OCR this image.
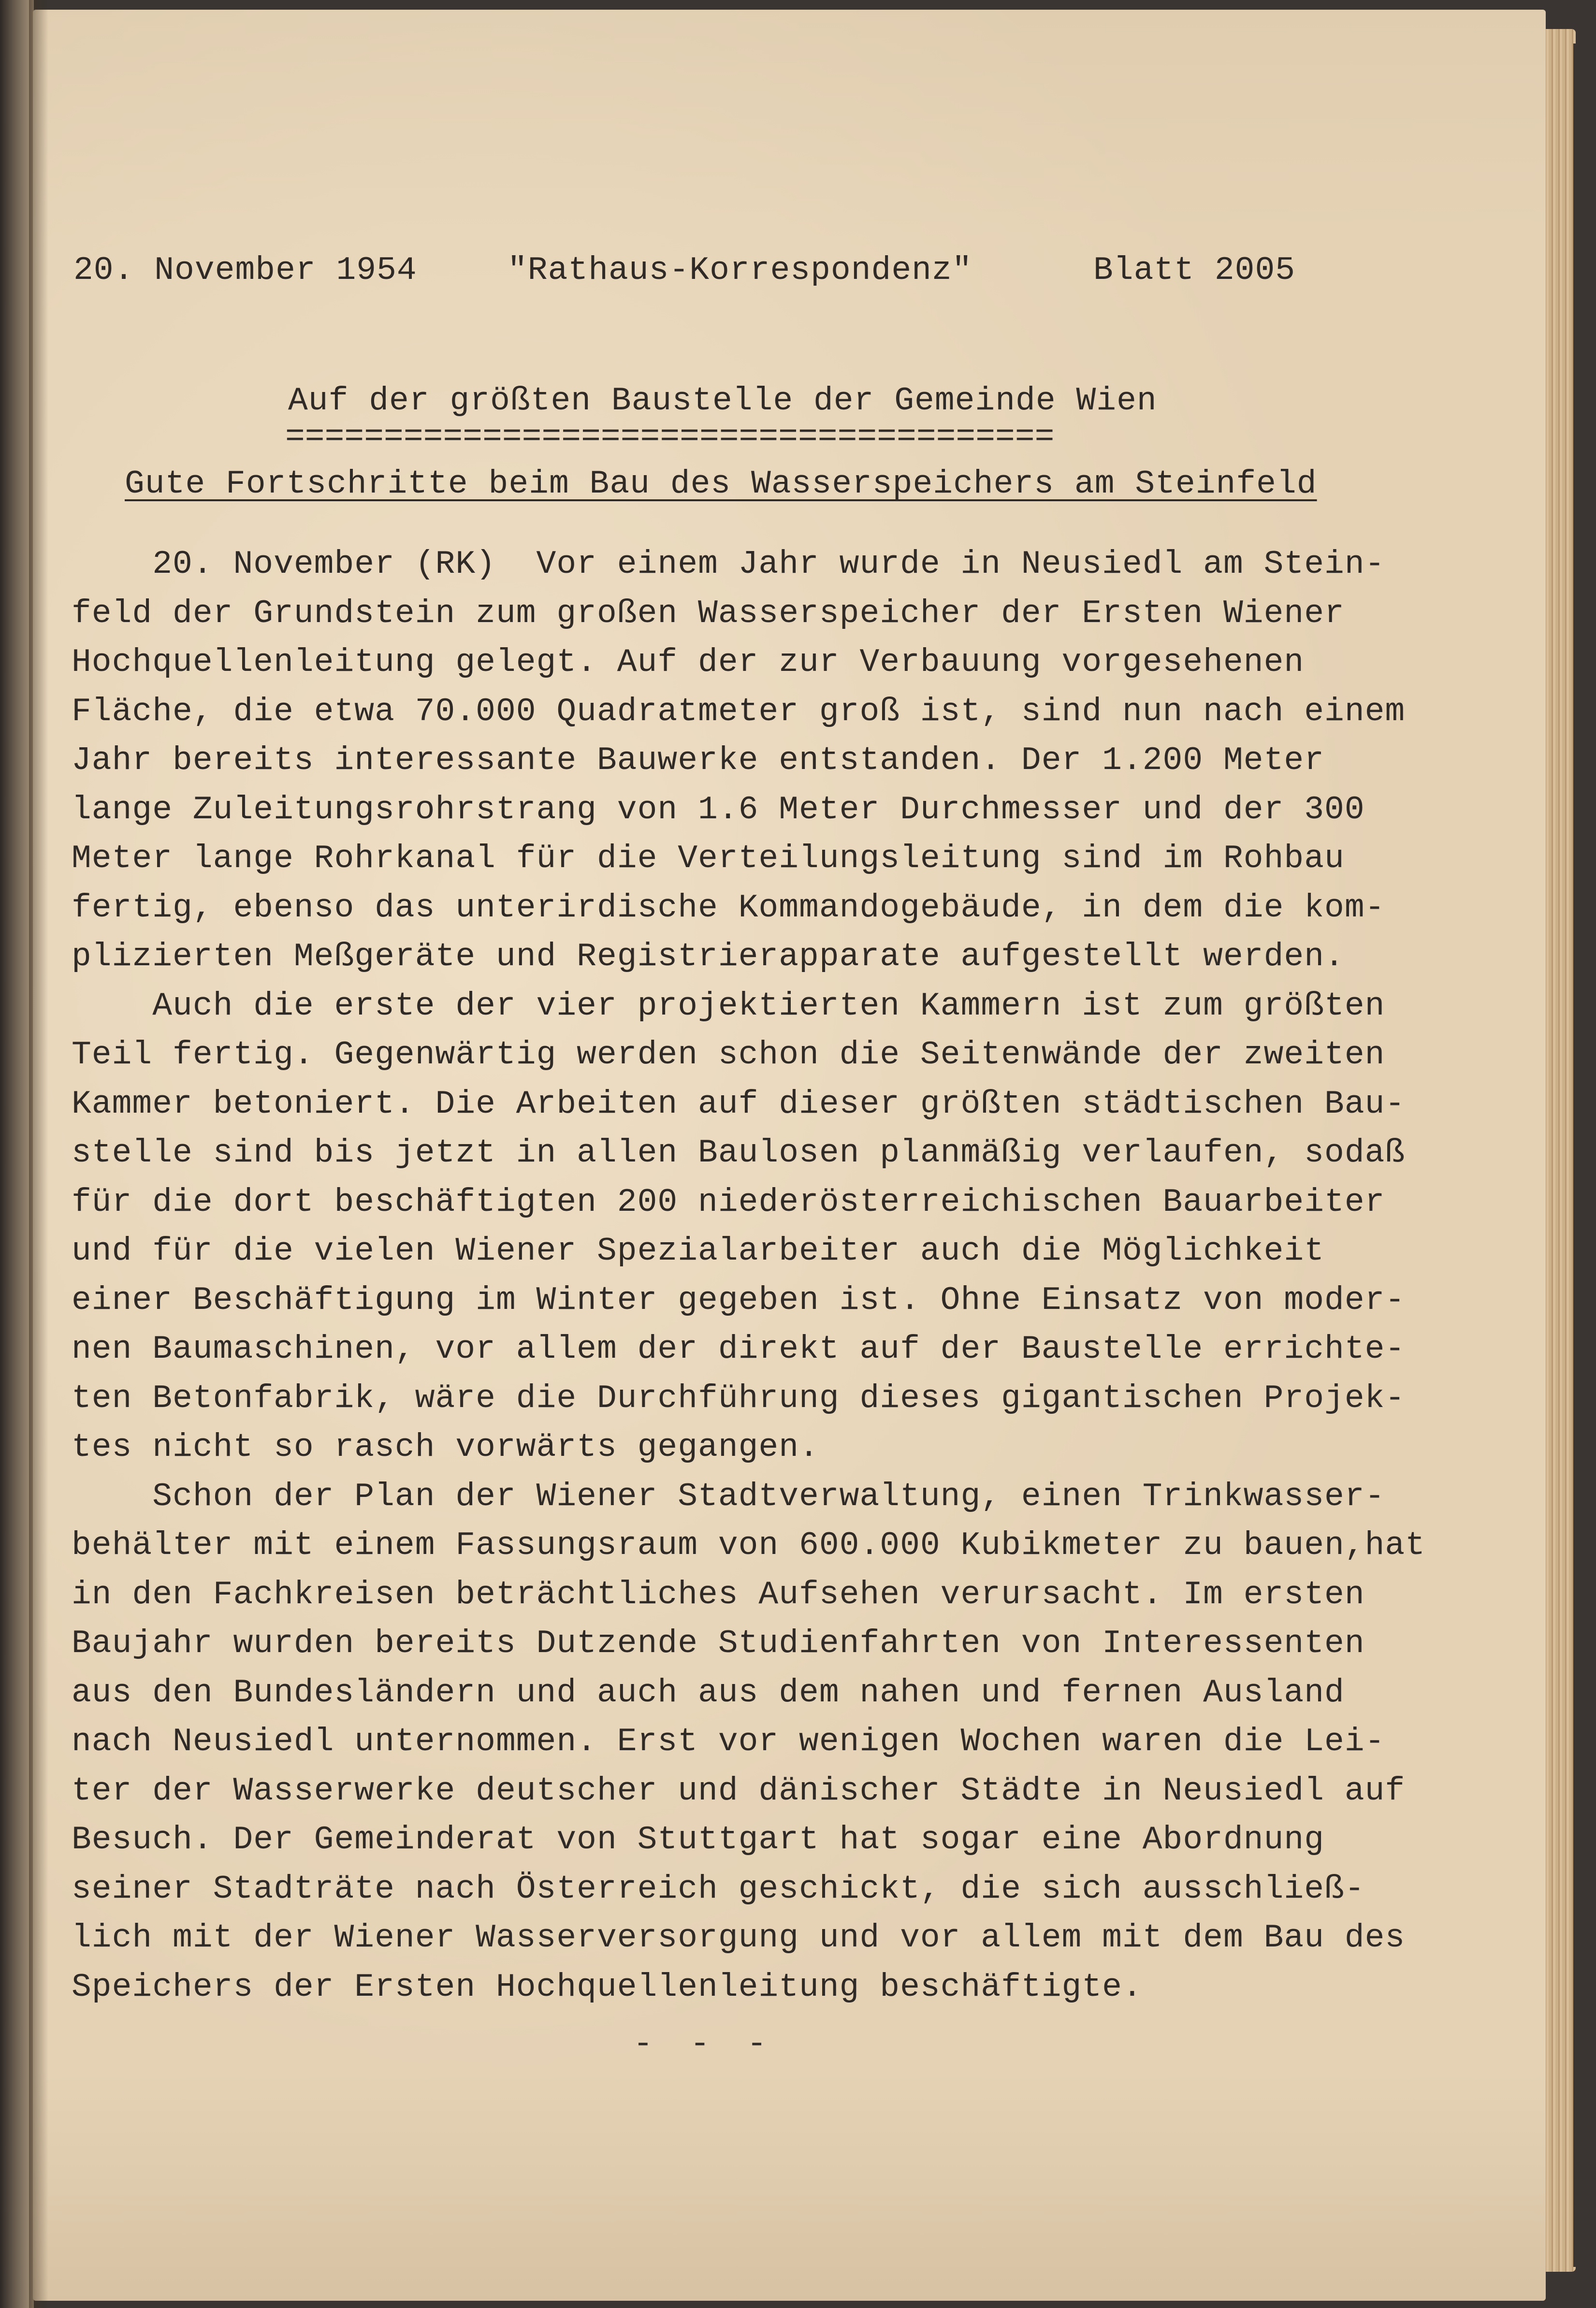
20. November 1954	"Rathaus-Korrespondenz"	Blatt 2005
Auf der größten Baustelle der Gemeinde Wien
=======================================
Gute Fortschritte beim Bau des Wasserspeichers am Steinfeld
20. November (RK)  Vor einem Jahr wurde in Neusiedl am Stein-
feld der Grundstein zum großen Wasserspeicher der Ersten Wiener
Hochquellenleitung gelegt. Auf der zur Verbauung vorgesehenen
Fläche, die etwa 70.000 Quadratmeter groß ist, sind nun nach einem
Jahr bereits interessante Bauwerke entstanden. Der 1.200 Meter
lange Zuleitungsrohrstrang von 1.6 Meter Durchmesser und der 300
Meter lange Rohrkanal für die Verteilungsleitung sind im Rohbau
fertig, ebenso das unterirdische Kommandogebäude, in dem die kom-
plizierten Meßgeräte und Registrierapparate aufgestellt werden.
Auch die erste der vier projektierten Kammern ist zum größten
Teil fertig. Gegenwärtig werden schon die Seitenwände der zweiten
Kammer betoniert. Die Arbeiten auf dieser größten städtischen Bau-
stelle sind bis jetzt in allen Baulosen planmäßig verlaufen, sodaß
für die dort beschäftigten 200 niederösterreichischen Bauarbeiter
und für die vielen Wiener Spezialarbeiter auch die Möglichkeit
einer Beschäftigung im Winter gegeben ist. Ohne Einsatz von moder-
nen Baumaschinen, vor allem der direkt auf der Baustelle errichte-
ten Betonfabrik, wäre die Durchführung dieses gigantischen Projek-
tes nicht so rasch vorwärts gegangen.
Schon der Plan der Wiener Stadtverwaltung, einen Trinkwasser-
behälter mit einem Fassungsraum von 600.000 Kubikmeter zu bauen,hat
in den Fachkreisen beträchtliches Aufsehen verursacht. Im ersten
Baujahr wurden bereits Dutzende Studienfahrten von Interessenten
aus den Bundesländern und auch aus dem nahen und fernen Ausland
nach Neusiedl unternommen. Erst vor wenigen Wochen waren die Lei-
ter der Wasserwerke deutscher und dänischer Städte in Neusiedl auf
Besuch. Der Gemeinderat von Stuttgart hat sogar eine Abordnung
seiner Stadträte nach Österreich geschickt, die sich ausschließ-
lich mit der Wiener Wasserversorgung und vor allem mit dem Bau des
Speichers der Ersten Hochquellenleitung beschäftigte.
- - -
